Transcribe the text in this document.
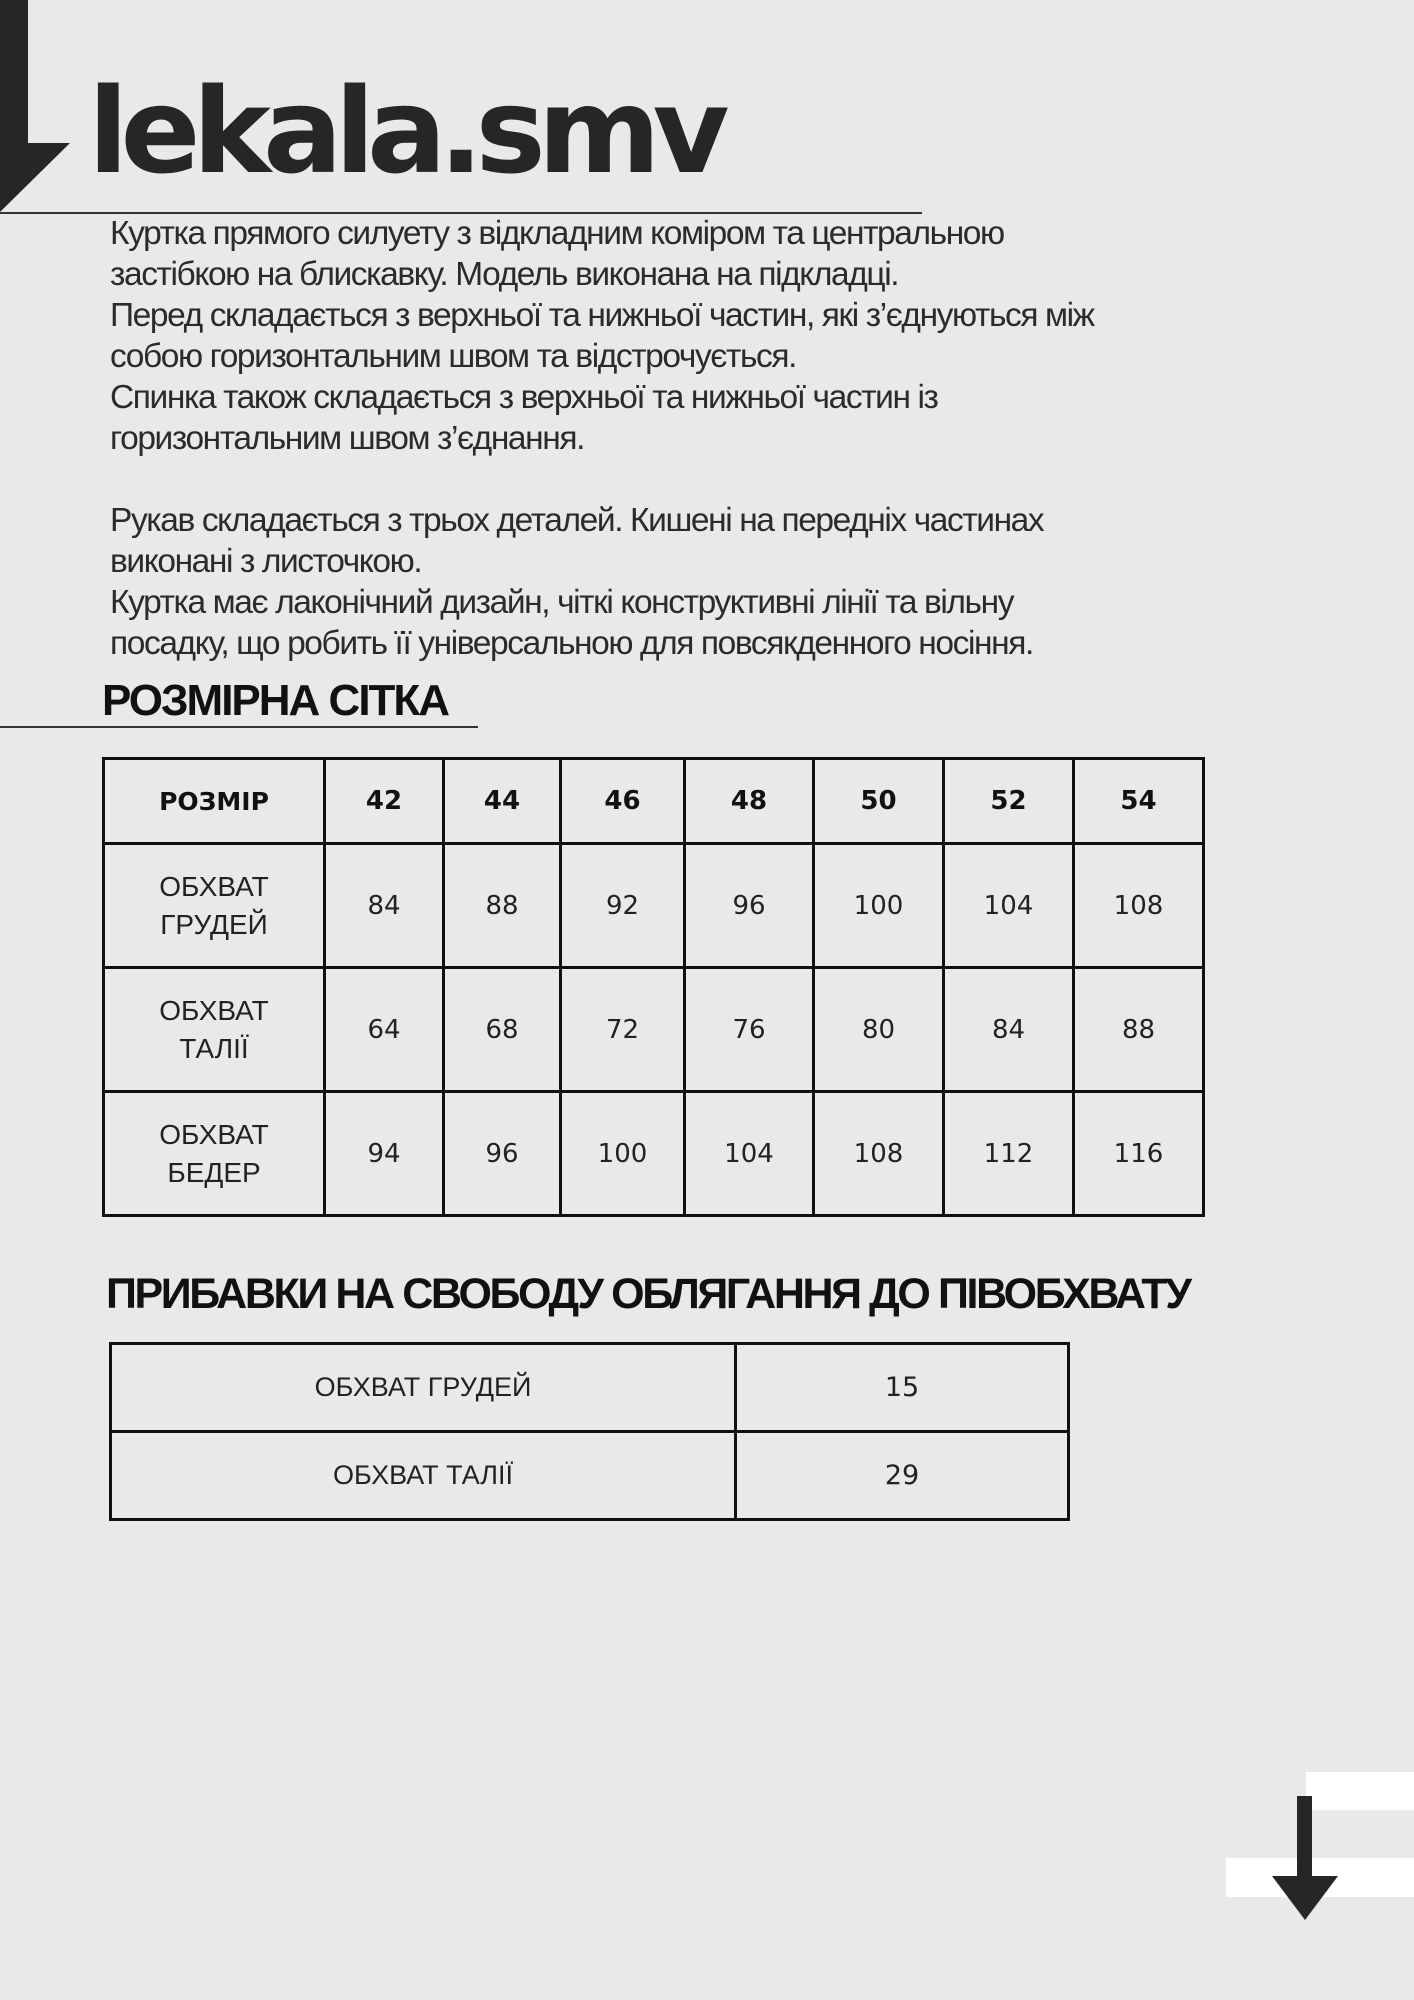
lekala.smv

Куртка прямого силуету з відкладним коміром та центральною

застібкою на блискавку. Модель виконана на підкладці.

Перед складається з верхньої та нижньої частин, які з’єднуються між

собою горизонтальним швом та відстрочується.

Спинка також складається з верхньої та нижньої частин із

горизонтальним швом з’єднання.

Рукав складається з трьох деталей. Кишені на передніх частинах

виконані з листочкою.

Куртка має лаконічний дизайн, чіткі конструктивні лінії та вільну

посадку, що робить її універсальною для повсякденного носіння.

РОЗМІРНА СІТКА
РОЗМІР	42	44	46	48	50	52	54
ОБХВАТ
ГРУДЕЙ	84	88	92	96	100	104	108
ОБХВАТ
ТАЛІЇ	64	68	72	76	80	84	88
ОБХВАТ
БЕДЕР	94	96	100	104	108	112	116
ПРИБАВКИ НА СВОБОДУ ОБЛЯГАННЯ ДО ПІВОБХВАТУ
ОБХВАТ ГРУДЕЙ	15
ОБХВАТ ТАЛІЇ	29
